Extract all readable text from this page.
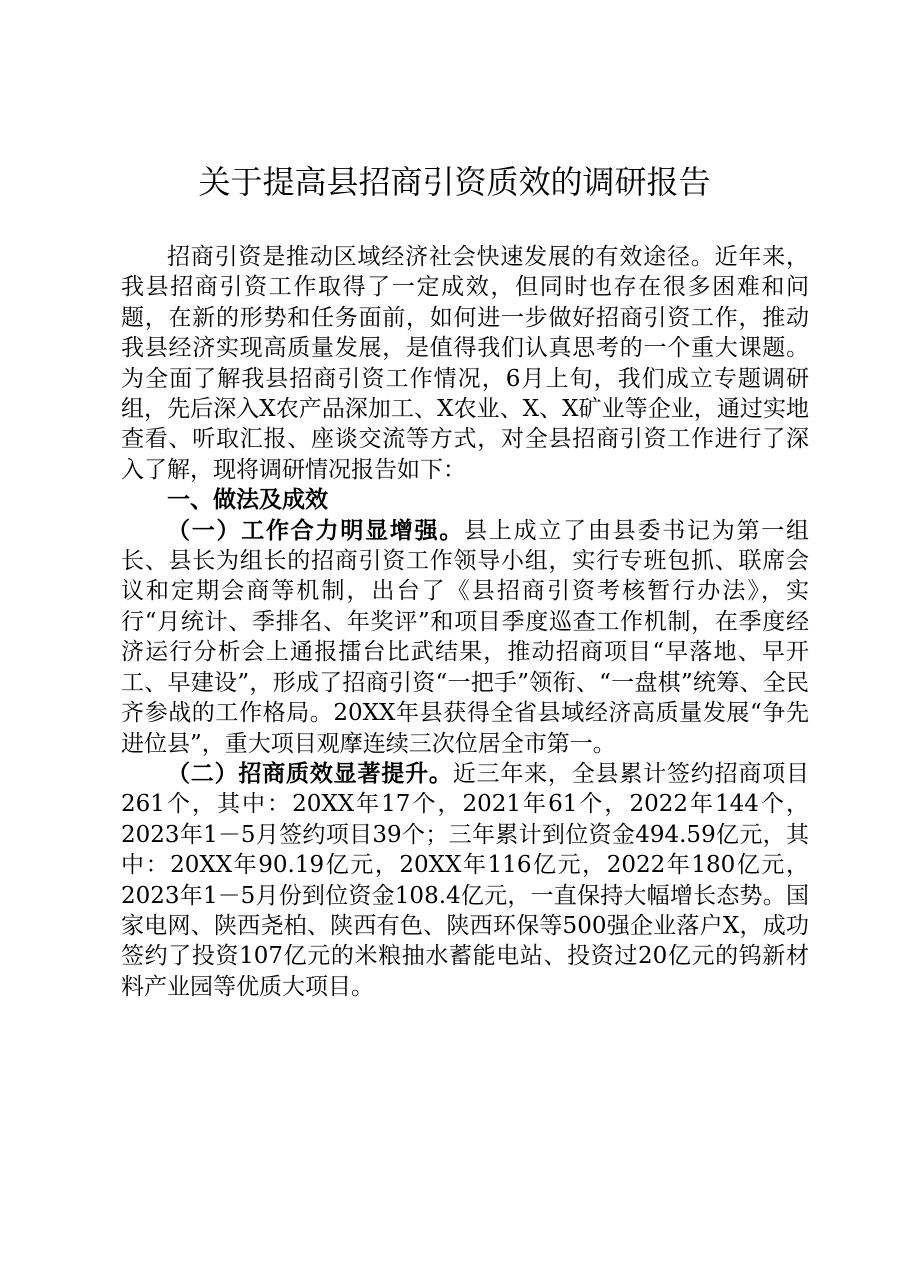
关于提高县招商引资质效的调研报告

招商引资是推动区域经济社会快速发展的有效途径。近年来，我县招商引资工作取得了一定成效，但同时也存在很多困难和问题，在新的形势和任务面前，如何进一步做好招商引资工作，推动我县经济实现高质量发展，是值得我们认真思考的一个重大课题。为全面了解我县招商引资工作情况，6月上旬，我们成立专题调研组，先后深入X农产品深加工、X农业、X、X矿业等企业，通过实地查看、听取汇报、座谈交流等方式，对全县招商引资工作进行了深入了解，现将调研情况报告如下：

一、做法及成效

（一）工作合力明显增强。县上成立了由县委书记为第一组长、县长为组长的招商引资工作领导小组，实行专班包抓、联席会议和定期会商等机制，出台了《县招商引资考核暂行办法》，实行“月统计、季排名、年奖评”和项目季度巡查工作机制，在季度经济运行分析会上通报擂台比武结果，推动招商项目“早落地、早开工、早建设”，形成了招商引资“一把手”领衔、“一盘棋”统筹、全民齐参战的工作格局。20XX年县获得全省县域经济高质量发展“争先进位县”，重大项目观摩连续三次位居全市第一。

（二）招商质效显著提升。近三年来，全县累计签约招商项目261个，其中：20XX年17个，2021年61个，2022年144个，2023年1－5月签约项目39个；三年累计到位资金494.59亿元，其中：20XX年90.19亿元，20XX年116亿元，2022年180亿元，2023年1－5月份到位资金108.4亿元，一直保持大幅增长态势。国家电网、陕西尧柏、陕西有色、陕西环保等500强企业落户X，成功签约了投资107亿元的米粮抽水蓄能电站、投资过20亿元的钨新材料产业园等优质大项目。
